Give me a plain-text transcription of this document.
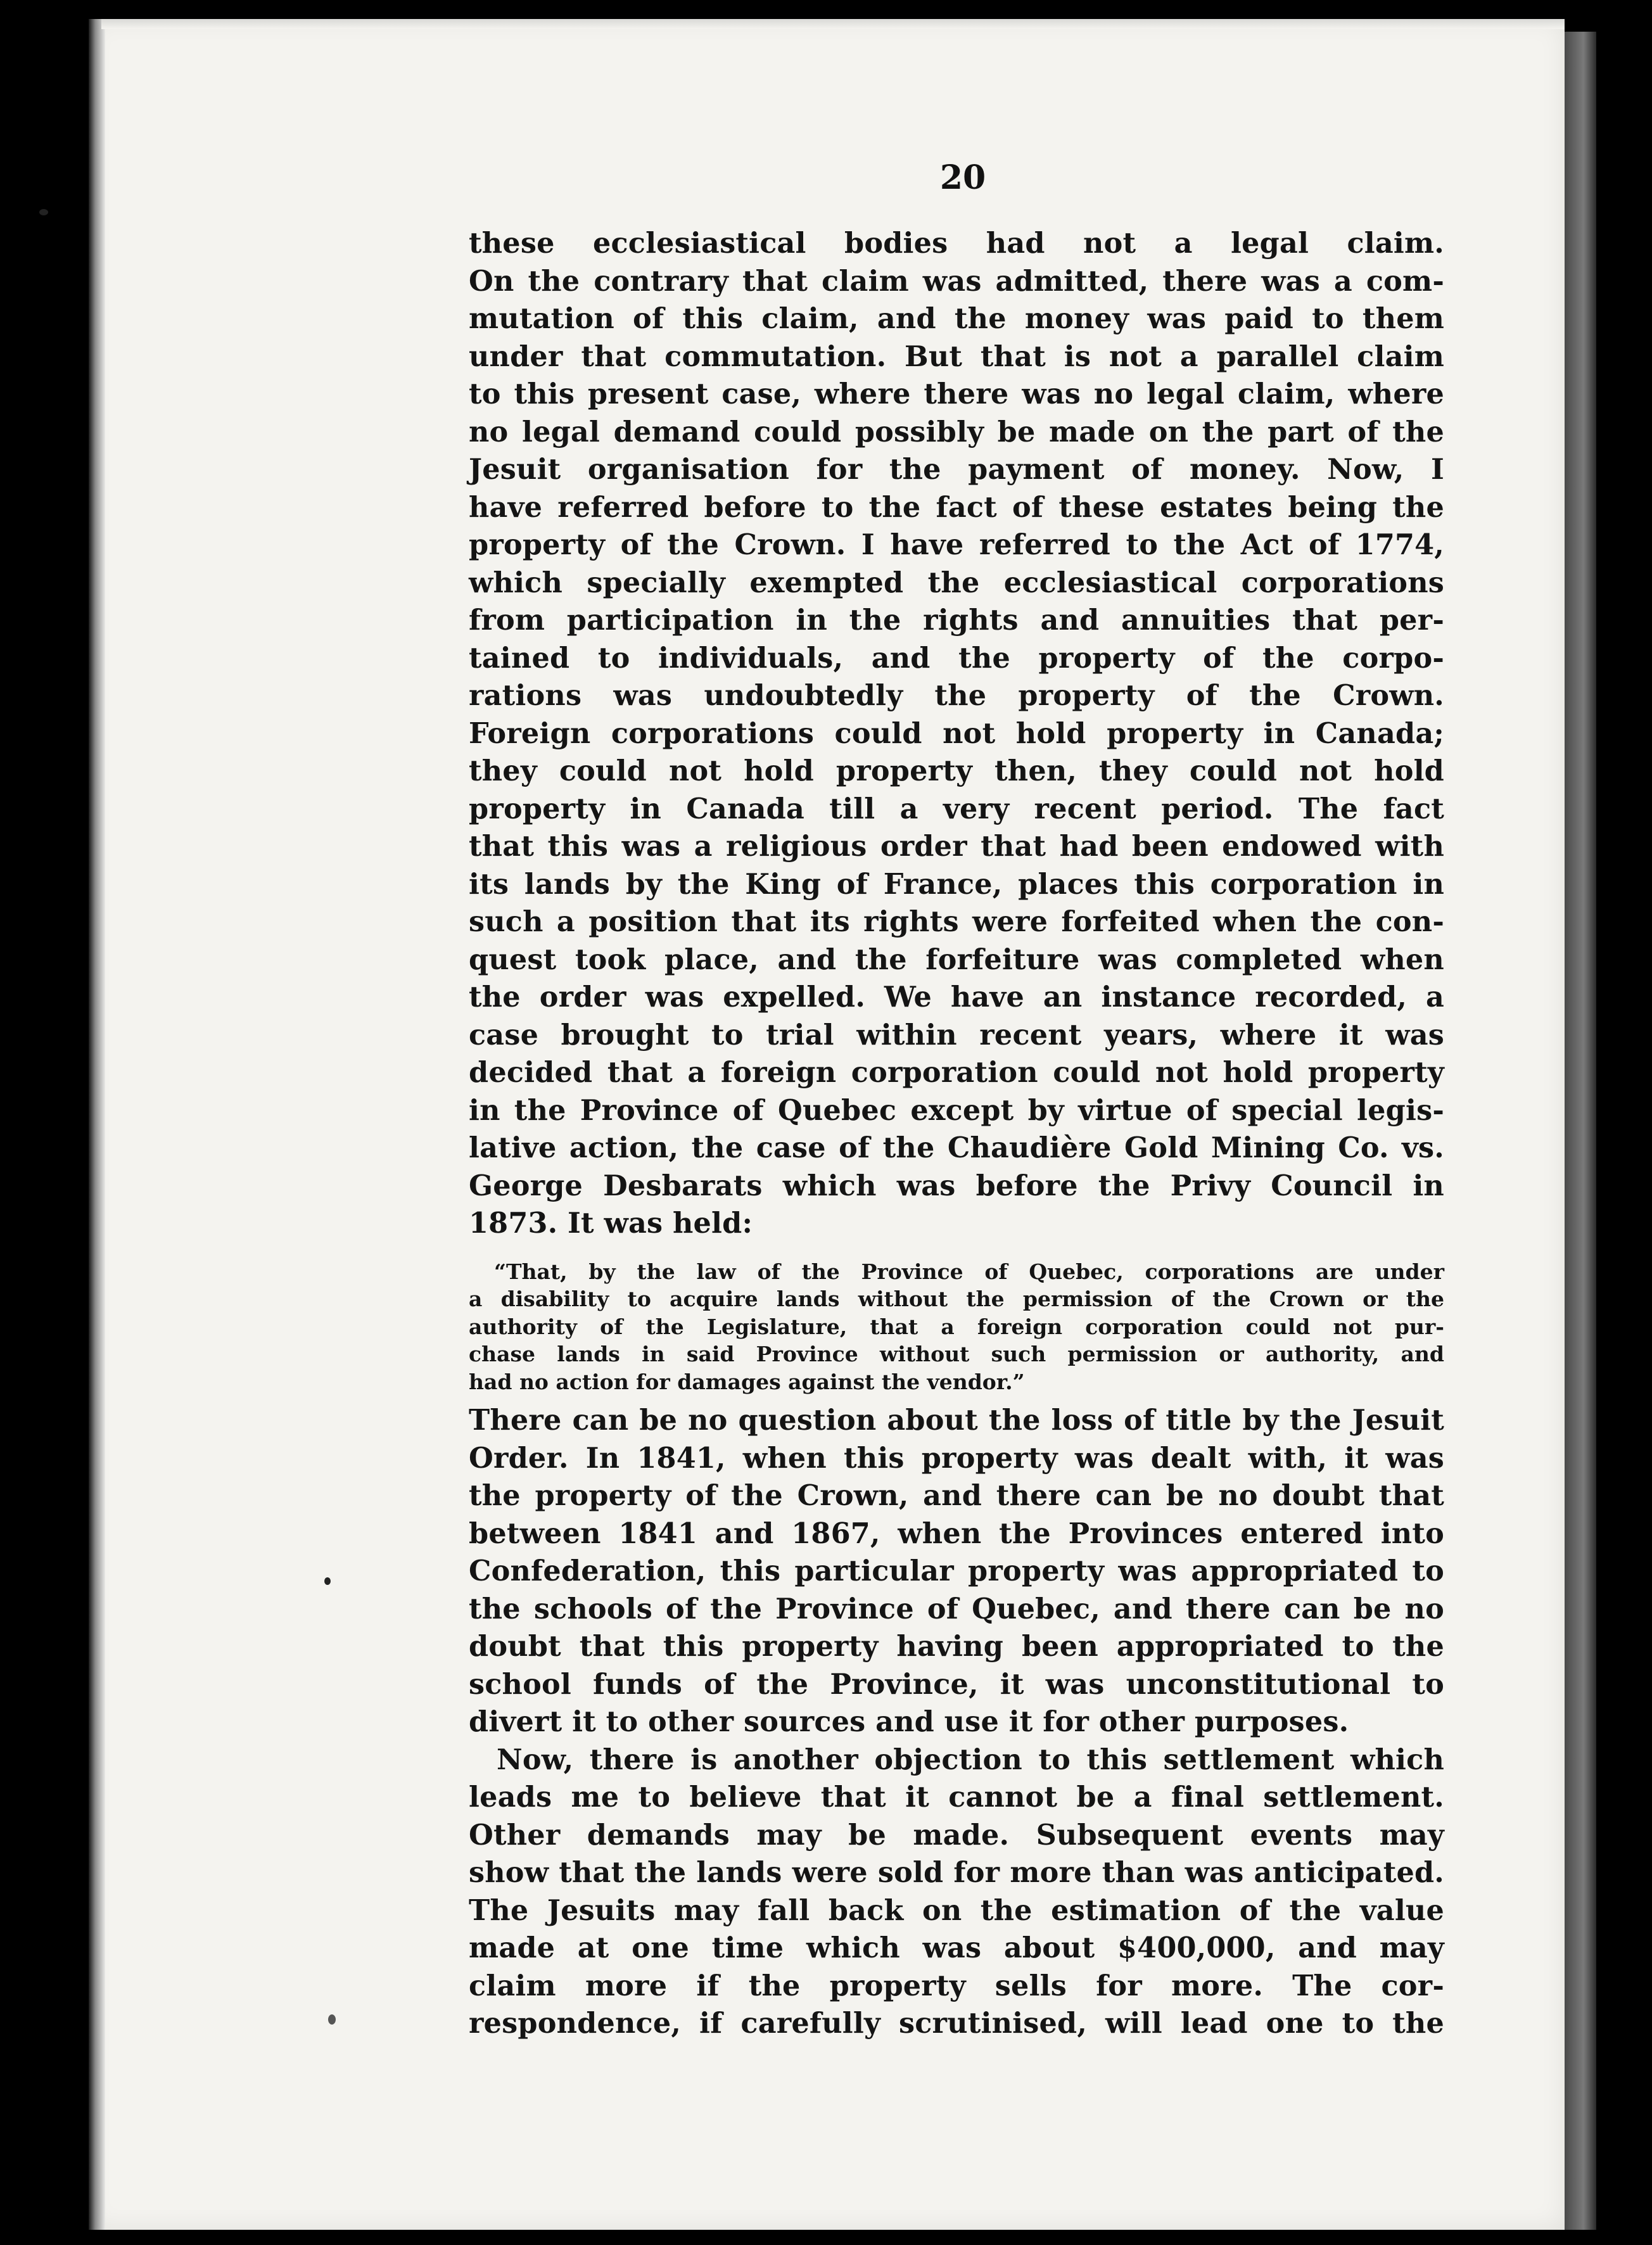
20
these ecclesiastical bodies had not a legal claim.
On the contrary that claim was admitted, there was a com-
mutation of this claim, and the money was paid to them
under that commutation. But that is not a parallel claim
to this present case, where there was no legal claim, where
no legal demand could possibly be made on the part of the
Jesuit organisation for the payment of money. Now, I
have referred before to the fact of these estates being the
property of the Crown. I have referred to the Act of 1774,
which specially exempted the ecclesiastical corporations
from participation in the rights and annuities that per-
tained to individuals, and the property of the corpo-
rations was undoubtedly the property of the Crown.
Foreign corporations could not hold property in Canada;
they could not hold property then, they could not hold
property in Canada till a very recent period. The fact
that this was a religious order that had been endowed with
its lands by the King of France, places this corporation in
such a position that its rights were forfeited when the con-
quest took place, and the forfeiture was completed when
the order was expelled. We have an instance recorded, a
case brought to trial within recent years, where it was
decided that a foreign corporation could not hold property
in the Province of Quebec except by virtue of special legis-
lative action, the case of the Chaudière Gold Mining Co. vs.
George Desbarats which was before the Privy Council in
1873. It was held:
“That, by the law of the Province of Quebec, corporations are under
a disability to acquire lands without the permission of the Crown or the
authority of the Legislature, that a foreign corporation could not pur-
chase lands in said Province without such permission or authority, and
had no action for damages against the vendor.”
There can be no question about the loss of title by the Jesuit
Order. In 1841, when this property was dealt with, it was
the property of the Crown, and there can be no doubt that
between 1841 and 1867, when the Provinces entered into
Confederation, this particular property was appropriated to
the schools of the Province of Quebec, and there can be no
doubt that this property having been appropriated to the
school funds of the Province, it was unconstitutional to
divert it to other sources and use it for other purposes.
Now, there is another objection to this settlement which
leads me to believe that it cannot be a final settlement.
Other demands may be made. Subsequent events may
show that the lands were sold for more than was anticipated.
The Jesuits may fall back on the estimation of the value
made at one time which was about $400,000, and may
claim more if the property sells for more. The cor-
respondence, if carefully scrutinised, will lead one to the
